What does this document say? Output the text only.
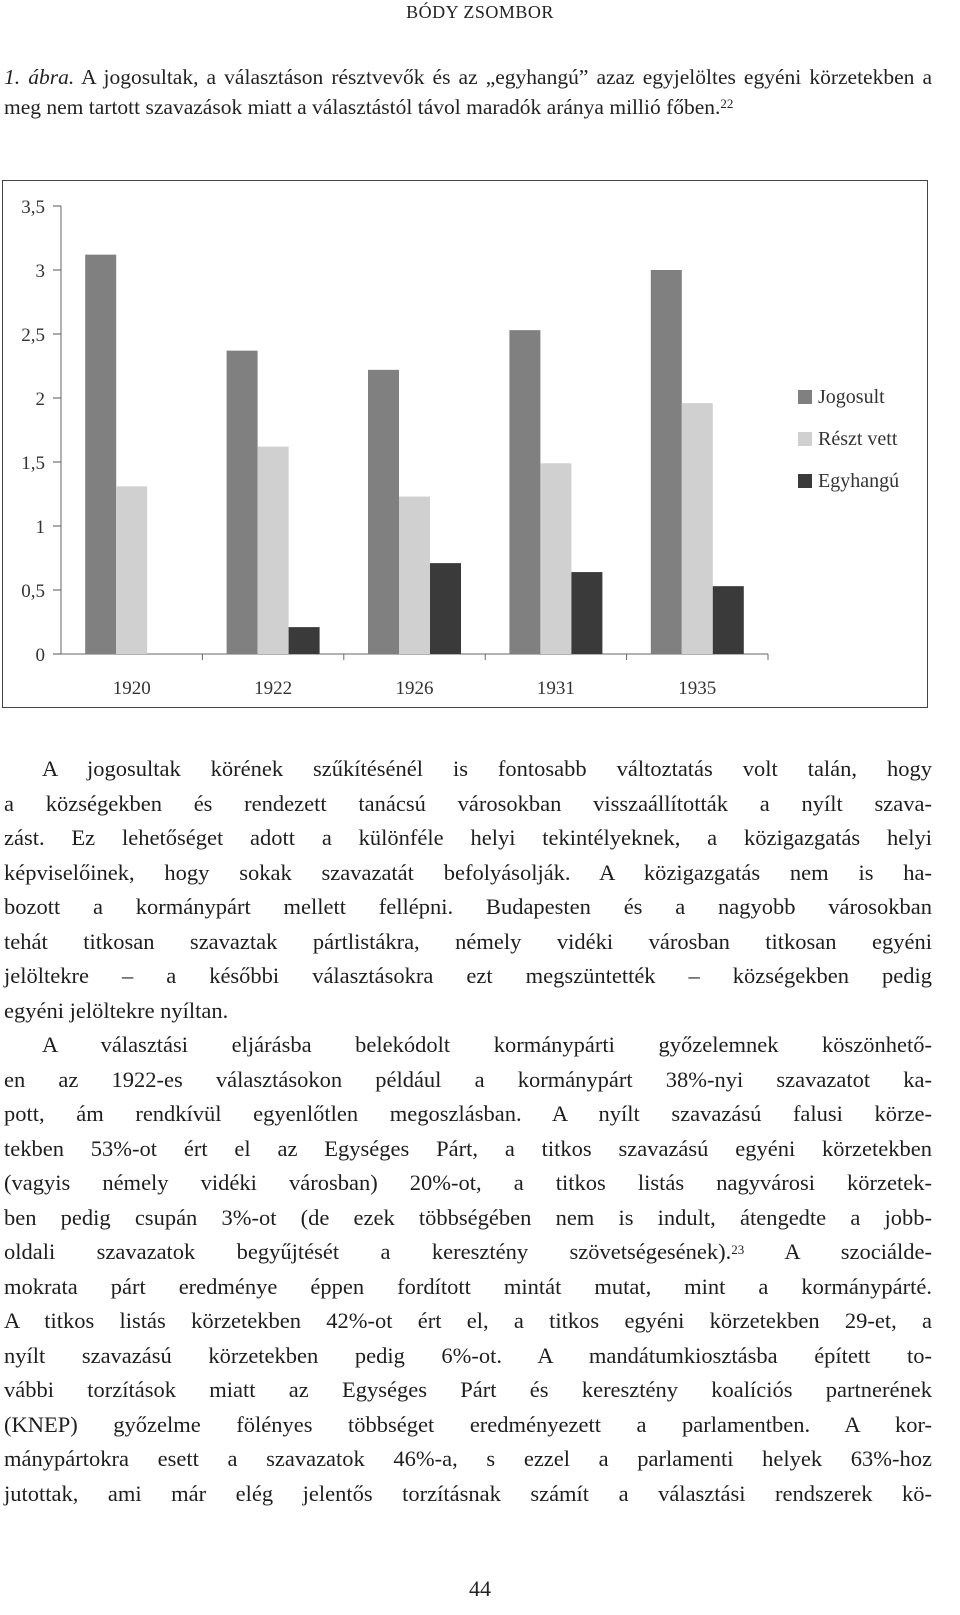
BÓDY ZSOMBOR
1. ábra. A jogosultak, a választáson résztvevők és az „egyhangú” azaz egyjelöltes egyéni körzetekben a meg nem tartott szavazások miatt a választástól távol maradók aránya millió főben.$^{22}$
0
0,5
1
1,5
2
2,5
3
3,5
1920	1922	1926	1931	1935
Jogosult
Részt vett
Egyhangú

A jogosultak körének szűkítésénél is fontosabb változtatás volt talán, hogy
a községekben és rendezett tanácsú városokban visszaállították a nyílt szava-
zást. Ez lehetőséget adott a különféle helyi tekintélyeknek, a közigazgatás helyi
képviselőinek, hogy sokak szavazatát befolyásolják. A közigazgatás nem is ha-
bozott a kormánypárt mellett fellépni. Budapesten és a nagyobb városokban
tehát titkosan szavaztak pártlistákra, némely vidéki városban titkosan egyéni
jelöltekre – a későbbi választásokra ezt megszüntették – községekben pedig
egyéni jelöltekre nyíltan.

A választási eljárásba belekódolt kormánypárti győzelemnek köszönhető-
en az 1922-es választásokon például a kormánypárt 38%-nyi szavazatot ka-
pott, ám rendkívül egyenlőtlen megoszlásban. A nyílt szavazású falusi körze-
tekben 53%-ot ért el az Egységes Párt, a titkos szavazású egyéni körzetekben
(vagyis némely vidéki városban) 20%-ot, a titkos listás nagyvárosi körzetek-
ben pedig csupán 3%-ot (de ezek többségében nem is indult, átengedte a jobb-
oldali szavazatok begyűjtését a keresztény szövetségesének).$^{23}$ A szociálde-
mokrata párt eredménye éppen fordított mintát mutat, mint a kormánypárté.
A titkos listás körzetekben 42%-ot ért el, a titkos egyéni körzetekben 29-et, a
nyílt szavazású körzetekben pedig 6%-ot. A mandátumkiosztásba épített to-
vábbi torzítások miatt az Egységes Párt és keresztény koalíciós partnerének
(KNEP) győzelme fölényes többséget eredményezett a parlamentben. A kor-
mánypártokra esett a szavazatok 46%-a, s ezzel a parlamenti helyek 63%-hoz
jutottak, ami már elég jelentős torzításnak számít a választási rendszerek kö-

44
